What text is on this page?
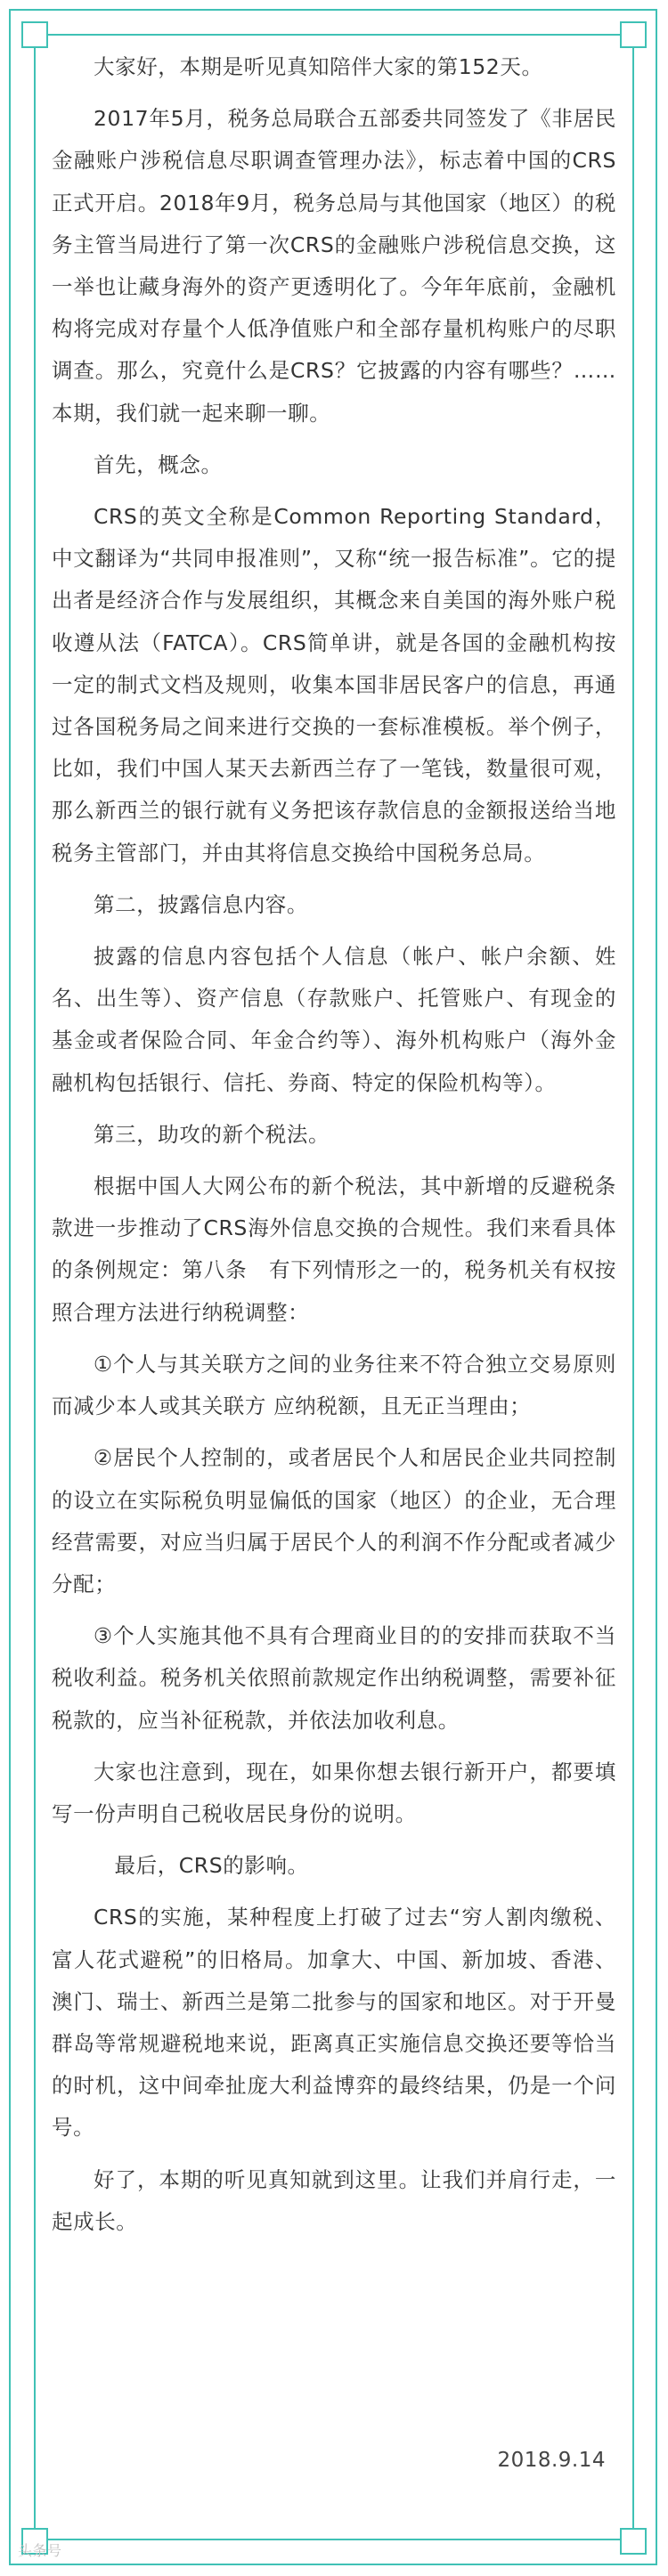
大家好，本期是听见真知陪伴大家的第152天。

2017年5月，税务总局联合五部委共同签发了《非居民金融账户涉税信息尽职调查管理办法》，标志着中国的CRS正式开启。2018年9月，税务总局与其他国家（地区）的税务主管当局进行了第一次CRS的金融账户涉税信息交换，这一举也让藏身海外的资产更透明化了。今年年底前，金融机构将完成对存量个人低净值账户和全部存量机构账户的尽职调查。那么，究竟什么是CRS？它披露的内容有哪些？……本期，我们就一起来聊一聊。

首先，概念。

CRS的英文全称是Common Reporting Standard，中文翻译为“共同申报准则”，又称“统一报告标准”。它的提出者是经济合作与发展组织，其概念来自美国的海外账户税收遵从法（FATCA）。CRS简单讲，就是各国的金融机构按一定的制式文档及规则，收集本国非居民客户的信息，再通过各国税务局之间来进行交换的一套标准模板。举个例子，比如，我们中国人某天去新西兰存了一笔钱，数量很可观，那么新西兰的银行就有义务把该存款信息的金额报送给当地税务主管部门，并由其将信息交换给中国税务总局。

第二，披露信息内容。

披露的信息内容包括个人信息（帐户、帐户余额、姓名、出生等）、资产信息（存款账户、托管账户、有现金的基金或者保险合同、年金合约等）、海外机构账户（海外金融机构包括银行、信托、券商、特定的保险机构等）。

第三，助攻的新个税法。

根据中国人大网公布的新个税法，其中新增的反避税条款进一步推动了CRS海外信息交换的合规性。我们来看具体的条例规定：第八条　有下列情形之一的，税务机关有权按照合理方法进行纳税调整：

①个人与其关联方之间的业务往来不符合独立交易原则而减少本人或其关联方 应纳税额，且无正当理由；

②居民个人控制的，或者居民个人和居民企业共同控制的设立在实际税负明显偏低的国家（地区）的企业，无合理经营需要，对应当归属于居民个人的利润不作分配或者减少分配；

③个人实施其他不具有合理商业目的的安排而获取不当税收利益。税务机关依照前款规定作出纳税调整，需要补征税款的，应当补征税款，并依法加收利息。

大家也注意到，现在，如果你想去银行新开户，都要填写一份声明自己税收居民身份的说明。

最后，CRS的影响。

CRS的实施，某种程度上打破了过去“穷人割肉缴税、富人花式避税”的旧格局。加拿大、中国、新加坡、香港、澳门、瑞士、新西兰是第二批参与的国家和地区。对于开曼群岛等常规避税地来说，距离真正实施信息交换还要等恰当的时机，这中间牵扯庞大利益博弈的最终结果，仍是一个问号。

好了，本期的听见真知就到这里。让我们并肩行走，一起成长。

2018.9.14
头条号
